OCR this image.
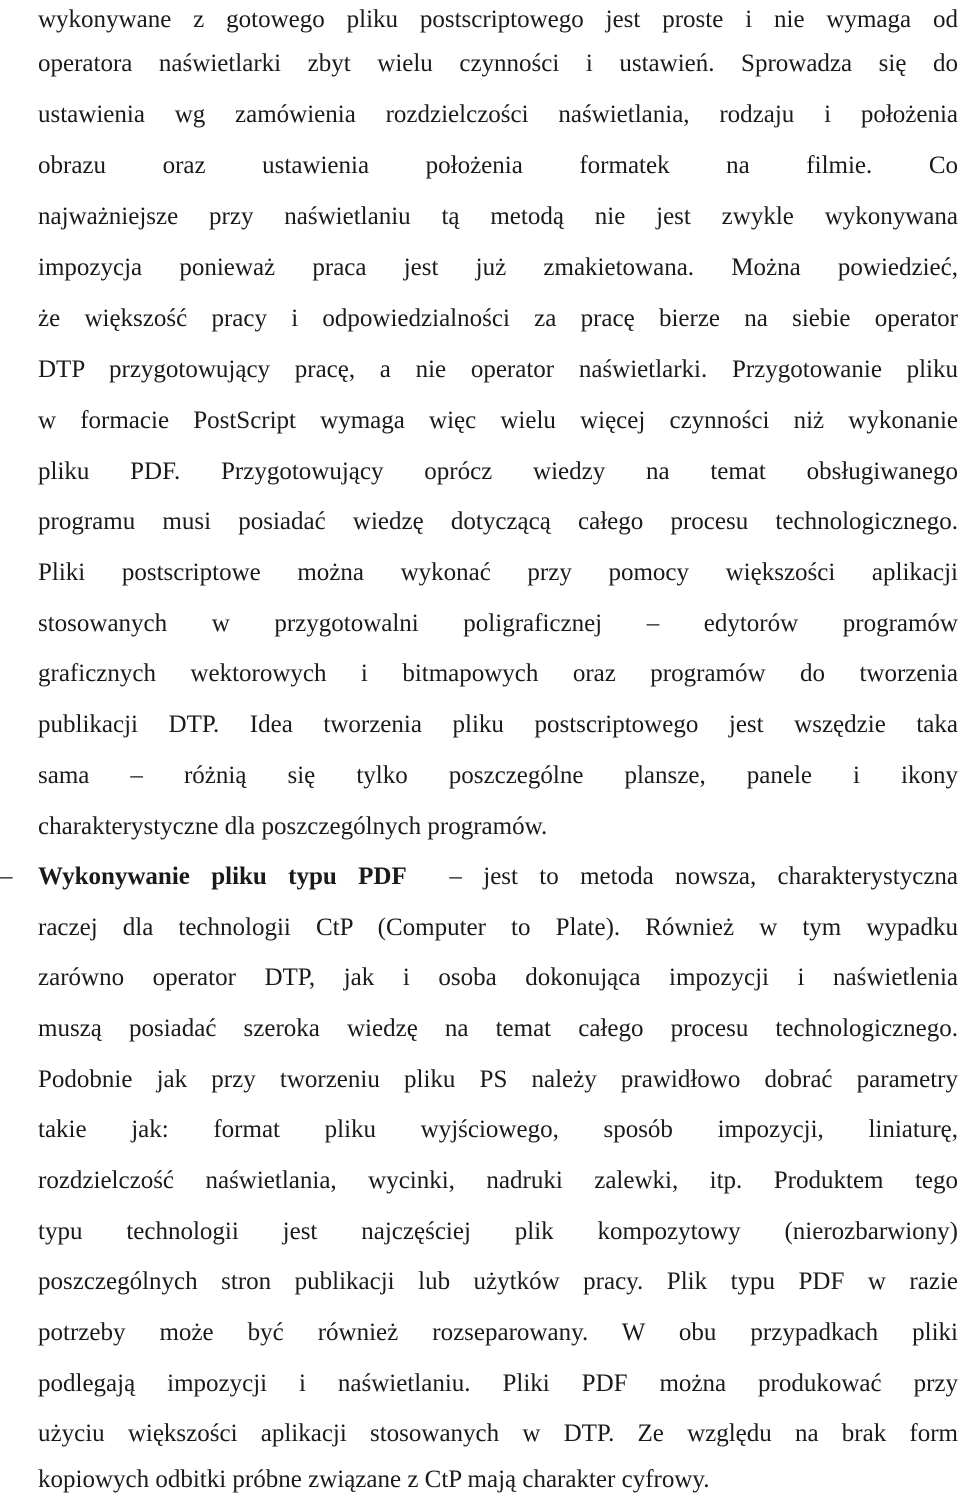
wykonywane z gotowego pliku postscriptowego jest proste i nie wymaga od
operatora naświetlarki zbyt wielu czynności i ustawień. Sprowadza się do
ustawienia wg zamówienia rozdzielczości naświetlania, rodzaju i położenia
obrazu oraz ustawienia położenia formatek na filmie. Co
najważniejsze przy naświetlaniu tą metodą nie jest zwykle wykonywana
impozycja ponieważ praca jest już zmakietowana. Można powiedzieć,
że większość pracy i odpowiedzialności za pracę bierze na siebie operator
DTP przygotowujący pracę, a nie operator naświetlarki. Przygotowanie pliku
w formacie PostScript wymaga więc wielu więcej czynności niż wykonanie
pliku PDF. Przygotowujący oprócz wiedzy na temat obsługiwanego
programu musi posiadać wiedzę dotyczącą całego procesu technologicznego.
Pliki postscriptowe można wykonać przy pomocy większości aplikacji
stosowanych w przygotowalni poligraficznej – edytorów programów
graficznych wektorowych i bitmapowych oraz programów do tworzenia
publikacji DTP. Idea tworzenia pliku postscriptowego jest wszędzie taka
sama – różnią się tylko poszczególne plansze, panele i ikony
charakterystyczne dla poszczególnych programów.
–	Wykonywanie pliku typu PDF – jest to metoda nowsza, charakterystyczna
raczej dla technologii CtP (Computer to Plate). Również w tym wypadku
zarówno operator DTP, jak i osoba dokonująca impozycji i naświetlenia
muszą posiadać szeroka wiedzę na temat całego procesu technologicznego.
Podobnie jak przy tworzeniu pliku PS należy prawidłowo dobrać parametry
takie jak: format pliku wyjściowego, sposób impozycji, liniaturę,
rozdzielczość naświetlania, wycinki, nadruki zalewki, itp. Produktem tego
typu technologii jest najczęściej plik kompozytowy (nierozbarwiony)
poszczególnych stron publikacji lub użytków pracy. Plik typu PDF w razie
potrzeby może być również rozseparowany. W obu przypadkach pliki
podlegają impozycji i naświetlaniu. Pliki PDF można produkować przy
użyciu większości aplikacji stosowanych w DTP. Ze względu na brak form
kopiowych odbitki próbne związane z CtP mają charakter cyfrowy.
